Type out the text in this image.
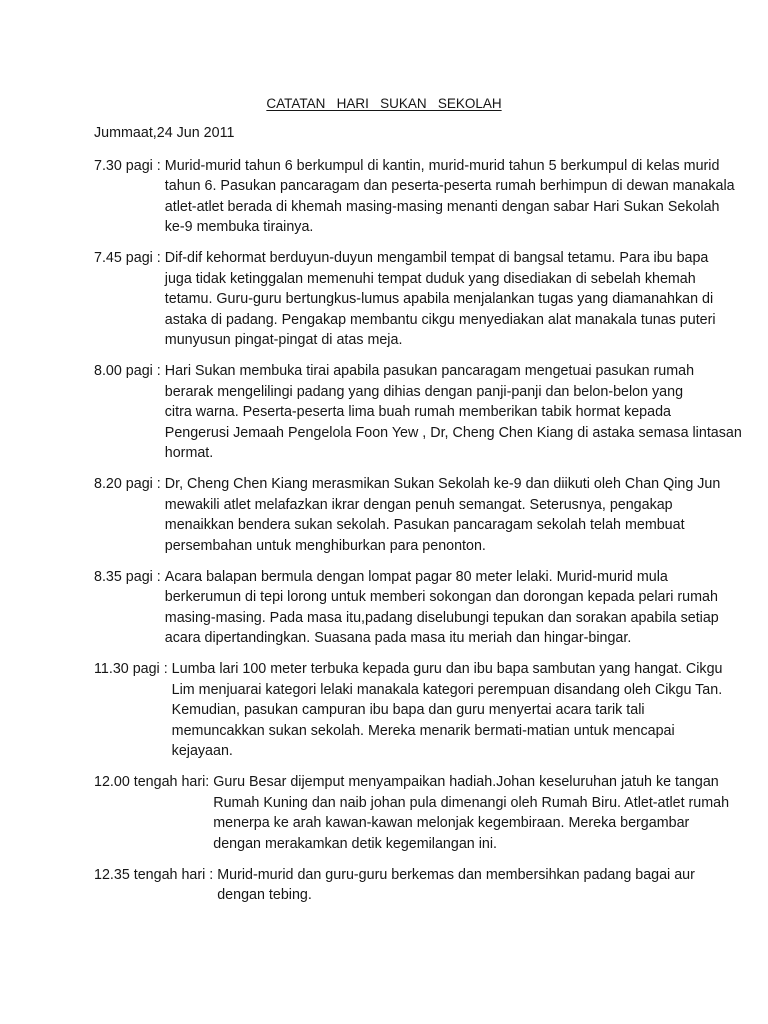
CATATAN   HARI   SUKAN   SEKOLAH
Jummaat,24 Jun 2011
7.30 pagi : Murid-murid tahun 6 berkumpul di kantin, murid-murid tahun 5 berkumpul di kelas murid
tahun 6. Pasukan pancaragam dan peserta-peserta rumah berhimpun di dewan manakala
atlet-atlet berada di khemah masing-masing menanti dengan sabar Hari Sukan Sekolah
ke-9 membuka tirainya.
7.45 pagi : Dif-dif kehormat berduyun-duyun mengambil tempat di bangsal tetamu. Para ibu bapa
juga tidak ketinggalan memenuhi tempat duduk yang disediakan di sebelah khemah
tetamu. Guru-guru bertungkus-lumus apabila menjalankan tugas yang diamanahkan di
astaka di padang. Pengakap membantu cikgu menyediakan alat manakala tunas puteri
munyusun pingat-pingat di atas meja.
8.00 pagi : Hari Sukan membuka tirai apabila pasukan pancaragam mengetuai pasukan rumah
berarak mengelilingi padang yang dihias dengan panji-panji dan belon-belon yang
citra warna. Peserta-peserta lima buah rumah memberikan tabik hormat kepada
Pengerusi Jemaah Pengelola Foon Yew , Dr, Cheng Chen Kiang di astaka semasa lintasan
hormat.
8.20 pagi : Dr, Cheng Chen Kiang merasmikan Sukan Sekolah ke-9 dan diikuti oleh Chan Qing Jun
mewakili atlet melafazkan ikrar dengan penuh semangat. Seterusnya, pengakap
menaikkan bendera sukan sekolah. Pasukan pancaragam sekolah telah membuat
persembahan untuk menghiburkan para penonton.
8.35 pagi : Acara balapan bermula dengan lompat pagar 80 meter lelaki. Murid-murid mula
berkerumun di tepi lorong untuk memberi sokongan dan dorongan kepada pelari rumah
masing-masing. Pada masa itu,padang diselubungi tepukan dan sorakan apabila setiap
acara dipertandingkan. Suasana pada masa itu meriah dan hingar-bingar.
11.30 pagi : Lumba lari 100 meter terbuka kepada guru dan ibu bapa sambutan yang hangat. Cikgu
Lim menjuarai kategori lelaki manakala kategori perempuan disandang oleh Cikgu Tan.
Kemudian, pasukan campuran ibu bapa dan guru menyertai acara tarik tali
memuncakkan sukan sekolah. Mereka menarik bermati-matian untuk mencapai
kejayaan.
12.00 tengah hari: Guru Besar dijemput menyampaikan hadiah.Johan keseluruhan jatuh ke tangan
Rumah Kuning dan naib johan pula dimenangi oleh Rumah Biru. Atlet-atlet rumah
menerpa ke arah kawan-kawan melonjak kegembiraan. Mereka bergambar
dengan merakamkan detik kegemilangan ini.
12.35 tengah hari : Murid-murid dan guru-guru berkemas dan membersihkan padang bagai aur
dengan tebing.
